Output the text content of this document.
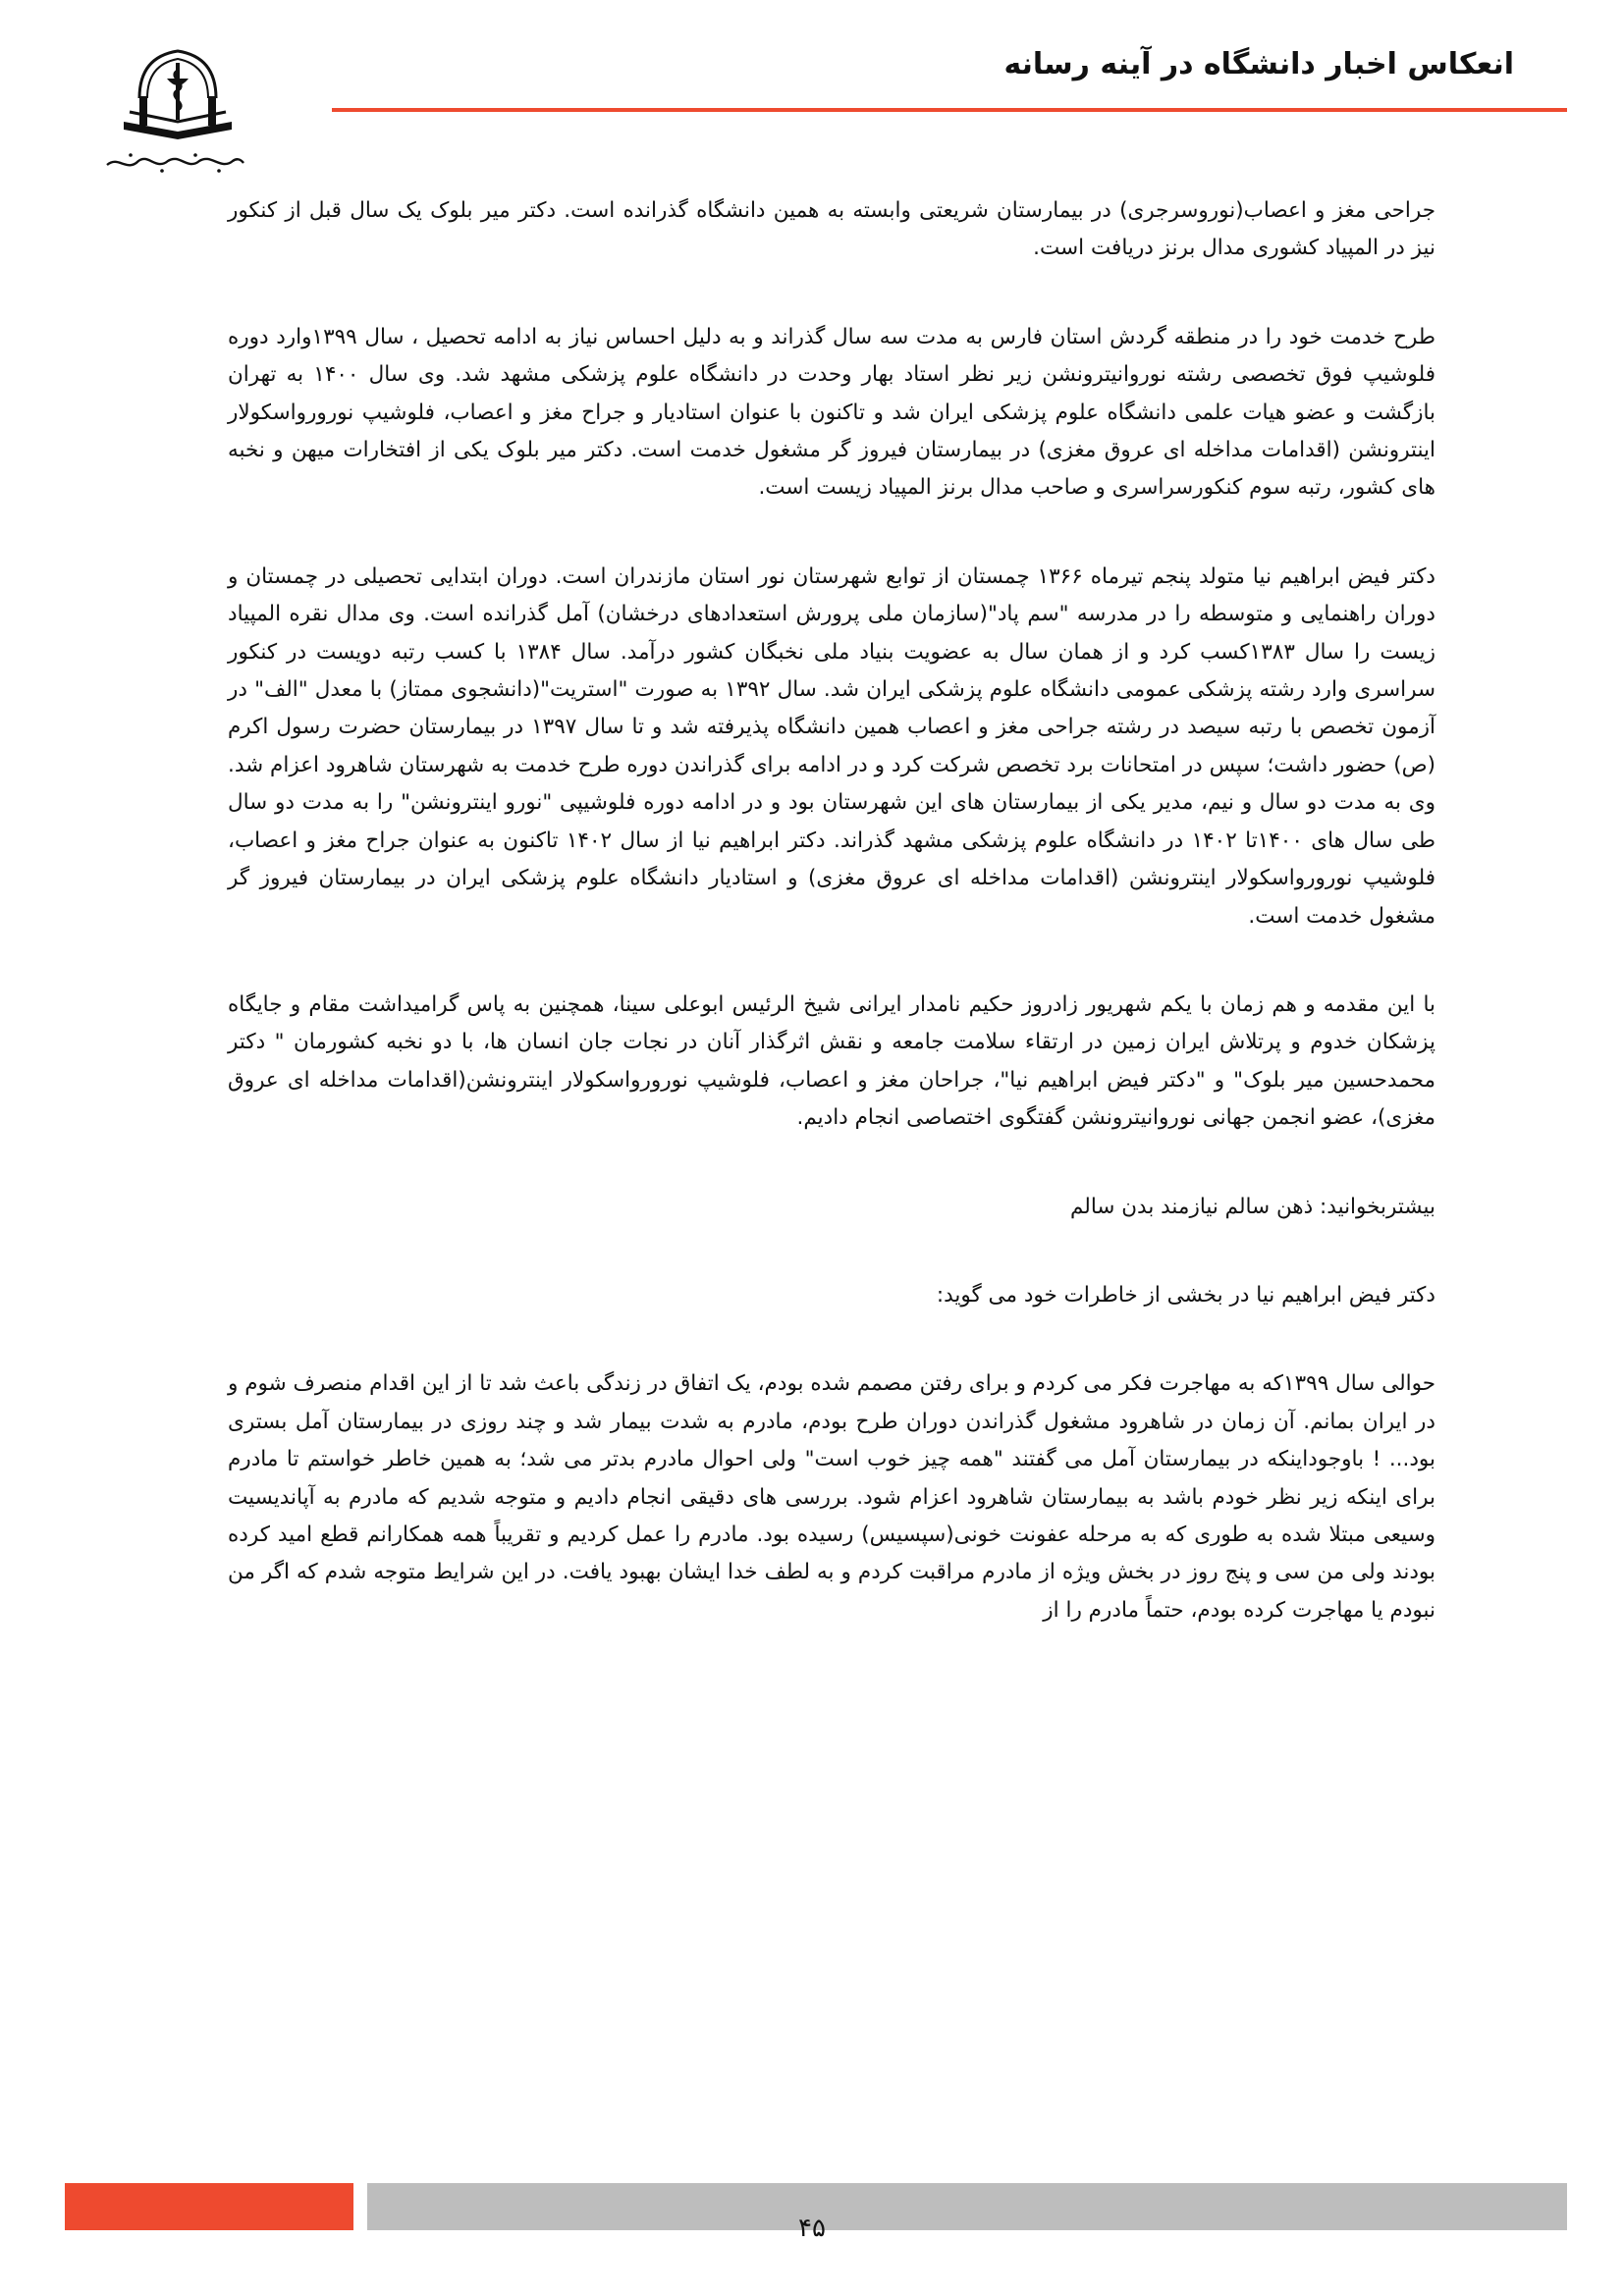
انعکاس اخبار دانشگاه در آینه رسانه

جراحی مغز و اعصاب(نوروسرجری) در بیمارستان شریعتی وابسته به همین دانشگاه گذرانده است. دکتر میر بلوک یک سال قبل از کنکور نیز در المپیاد کشوری مدال برنز دریافت است.

طرح خدمت خود را در منطقه گردش استان فارس به مدت سه سال گذراند و به دلیل احساس نیاز به ادامه تحصیل ، سال ۱۳۹۹وارد دوره فلوشیپ فوق تخصصی رشته نوروانیترونشن زیر نظر استاد بهار وحدت در دانشگاه علوم پزشکی مشهد شد. وی سال ۱۴۰۰ به تهران بازگشت و عضو هیات علمی دانشگاه علوم پزشکی ایران شد و تاکنون با عنوان استادیار و جراح مغز و اعصاب، فلوشیپ نورورواسکولار اینترونشن (اقدامات مداخله ای عروق مغزی) در بیمارستان فیروز گر مشغول خدمت است. دکتر میر بلوک یکی از افتخارات میهن و نخبه های کشور، رتبه سوم کنکورسراسری و صاحب مدال برنز المپیاد زیست است.

دکتر فیض ابراهیم نیا متولد پنجم تیرماه ۱۳۶۶ چمستان از توابع شهرستان نور استان مازندران است. دوران ابتدایی تحصیلی در چمستان و دوران راهنمایی و متوسطه را در مدرسه "سم پاد"(سازمان ملی پرورش استعدادهای درخشان) آمل گذرانده است. وی مدال نقره المپیاد زیست را سال ۱۳۸۳کسب کرد و از همان سال به عضویت بنیاد ملی نخبگان کشور درآمد. سال ۱۳۸۴ با کسب رتبه دویست در کنکور سراسری وارد رشته پزشکی عمومی دانشگاه علوم پزشکی ایران شد. سال ۱۳۹۲ به صورت "استریت"(دانشجوی ممتاز) با معدل "الف" در آزمون تخصص با رتبه سیصد در رشته جراحی مغز و اعصاب همین دانشگاه پذیرفته شد و تا سال ۱۳۹۷ در بیمارستان حضرت رسول اکرم (ص) حضور داشت؛ سپس در امتحانات برد تخصص شرکت کرد و در ادامه برای گذراندن دوره طرح خدمت به شهرستان شاهرود اعزام شد. وی به مدت دو سال و نیم، مدیر یکی از بیمارستان های این شهرستان بود و در ادامه دوره فلوشیپی "نورو اینترونشن" را به مدت دو سال طی سال های ۱۴۰۰تا ۱۴۰۲ در دانشگاه علوم پزشکی مشهد گذراند. دکتر ابراهیم نیا از سال ۱۴۰۲ تاکنون به عنوان جراح مغز و اعصاب، فلوشیپ نورورواسکولار اینترونشن (اقدامات مداخله ای عروق مغزی) و استادیار دانشگاه علوم پزشکی ایران در بیمارستان فیروز گر مشغول خدمت است.

با این مقدمه و هم زمان با یکم شهریور زادروز حکیم نامدار ایرانی شیخ الرئیس ابوعلی سینا، همچنین به پاس گرامیداشت مقام و جایگاه پزشکان خدوم و پرتلاش ایران زمین در ارتقاء سلامت جامعه و نقش اثرگذار آنان در نجات جان انسان ها، با دو نخبه کشورمان " دکتر محمدحسین میر بلوک" و "دکتر فیض ابراهیم نیا"، جراحان مغز و اعصاب، فلوشیپ نورورواسکولار اینترونشن(اقدامات مداخله ای عروق مغزی)، عضو انجمن جهانی نوروانیترونشن گفتگوی اختصاصی انجام دادیم.

بیشتربخوانید: ذهن سالم نیازمند بدن سالم

دکتر فیض ابراهیم نیا در بخشی از خاطرات خود می گوید:

حوالی سال ۱۳۹۹که به مهاجرت فکر می کردم و برای رفتن مصمم شده بودم، یک اتفاق در زندگی باعث شد تا از این اقدام منصرف شوم و در ایران بمانم. آن زمان در شاهرود مشغول گذراندن دوران طرح بودم، مادرم به شدت بیمار شد و چند روزی در بیمارستان آمل بستری بود... ! باوجوداینکه در بیمارستان آمل می گفتند "همه چیز خوب است" ولی احوال مادرم بدتر می شد؛ به همین خاطر خواستم تا مادرم برای اینکه زیر نظر خودم باشد به بیمارستان شاهرود اعزام شود. بررسی های دقیقی انجام دادیم و متوجه شدیم که مادرم به آپاندیسیت وسیعی مبتلا شده به طوری که به مرحله عفونت خونی(سپسیس) رسیده بود. مادرم را عمل کردیم و تقریباً همه همکارانم قطع امید کرده بودند ولی من سی و پنج روز در بخش ویژه از مادرم مراقبت کردم و به لطف خدا ایشان بهبود یافت. در این شرایط متوجه شدم که اگر من نبودم یا مهاجرت کرده بودم، حتماً مادرم را از

۴۵
